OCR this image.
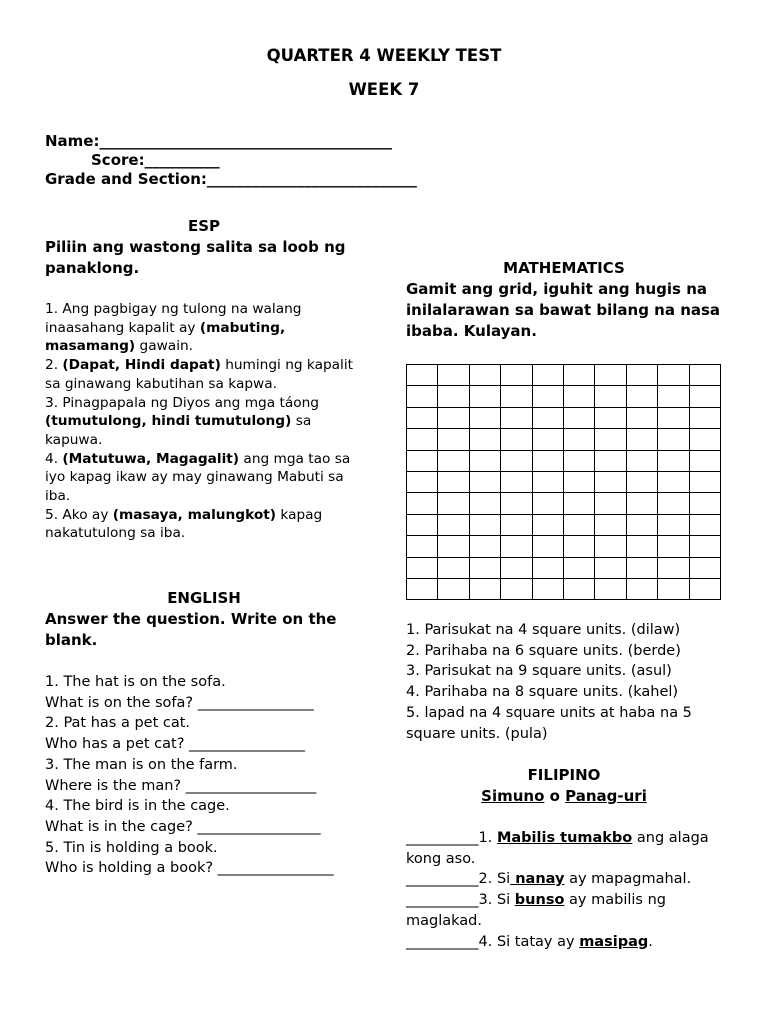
QUARTER 4 WEEKLY TEST
WEEK 7
Name:_______________________________________
Score:__________
Grade and Section:____________________________
ESP
Piliin ang wastong salita sa loob ng panaklong.

1. Ang pagbigay ng tulong na walang inaasahang kapalit ay (mabuting, masamang) gawain.

2. (Dapat, Hindi dapat) humingi ng kapalit sa ginawang kabutihan sa kapwa.

3. Pinagpapala ng Diyos ang mga táong (tumutulong, hindi tumutulong) sa kapuwa.

4. (Matutuwa, Magagalit) ang mga tao sa iyo kapag ikaw ay may ginawang Mabuti sa iba.

5. Ako ay (masaya, malungkot) kapag nakatutulong sa iba.

ENGLISH
Answer the question. Write on the blank.

1. The hat is on the sofa.

What is on the sofa? ________________

2. Pat has a pet cat.

Who has a pet cat? ________________

3. The man is on the farm.

Where is the man? __________________

4. The bird is in the cage.

What is in the cage? _________________

5. Tin is holding a book.

Who is holding a book? ________________

MATHEMATICS
Gamit ang grid, iguhit ang hugis na inilalarawan sa bawat bilang na nasa ibaba. Kulayan.

1. Parisukat na 4 square units. (dilaw)

2. Parihaba na 6 square units. (berde)

3. Parisukat na 9 square units. (asul)

4. Parihaba na 8 square units. (kahel)

5. lapad na 4 square units at haba na 5 square units. (pula)

FILIPINO
Simuno o Panag-uri

__________1. Mabilis tumakbo ang alaga kong aso.

__________2. Si nanay ay mapagmahal.

__________3. Si bunso ay mabilis ng maglakad.

__________4. Si tatay ay masipag.
